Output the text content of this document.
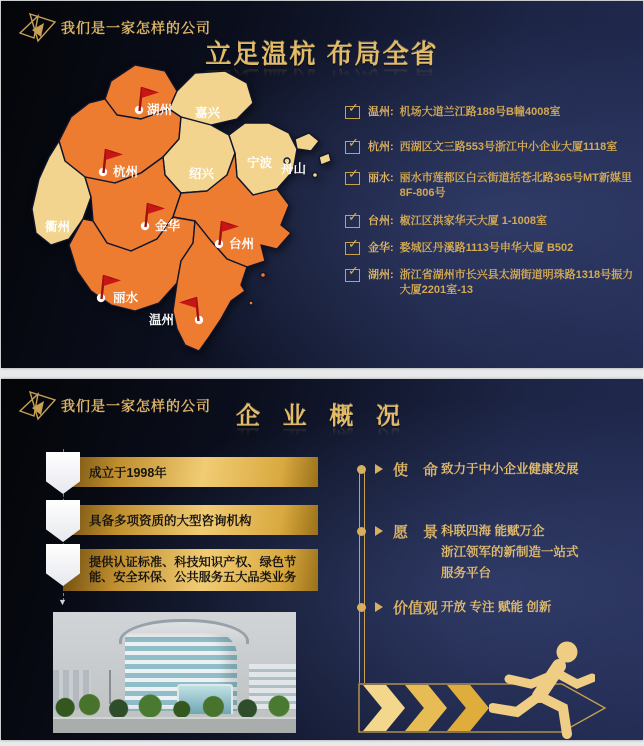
我们是一家怎样的公司
立足温杭 布局全省
湖州 嘉兴
杭州	绍兴
宁波 舟山
衢州	金华
台州
丽水
温州
✓ 温州: 机场大道兰江路188号B幢4008室
✓ 杭州: 西湖区文三路553号浙江中小企业大厦1118室
✓ 丽水: 丽水市莲都区白云街道括苍北路365号MT新媒里8F-806号
✓ 台州: 椒江区洪家华天大厦 1-1008室
✓ 金华: 婺城区丹溪路1113号申华大厦 B502
✓ 湖州: 浙江省湖州市长兴县太湖街道明珠路1318号振力大厦2201室-13
我们是一家怎样的公司	企 业 概 况
▼
成立于1998年
具备多项资质的大型咨询机构
提供认证标准、科技知识产权、绿色节能、安全环保、公共服务五大品类业务
使　命 致力于中小企业健康发展
愿　景 科联四海 能赋万企
浙江领军的新制造一站式
服务平台
价值观 开放 专注 赋能 创新
